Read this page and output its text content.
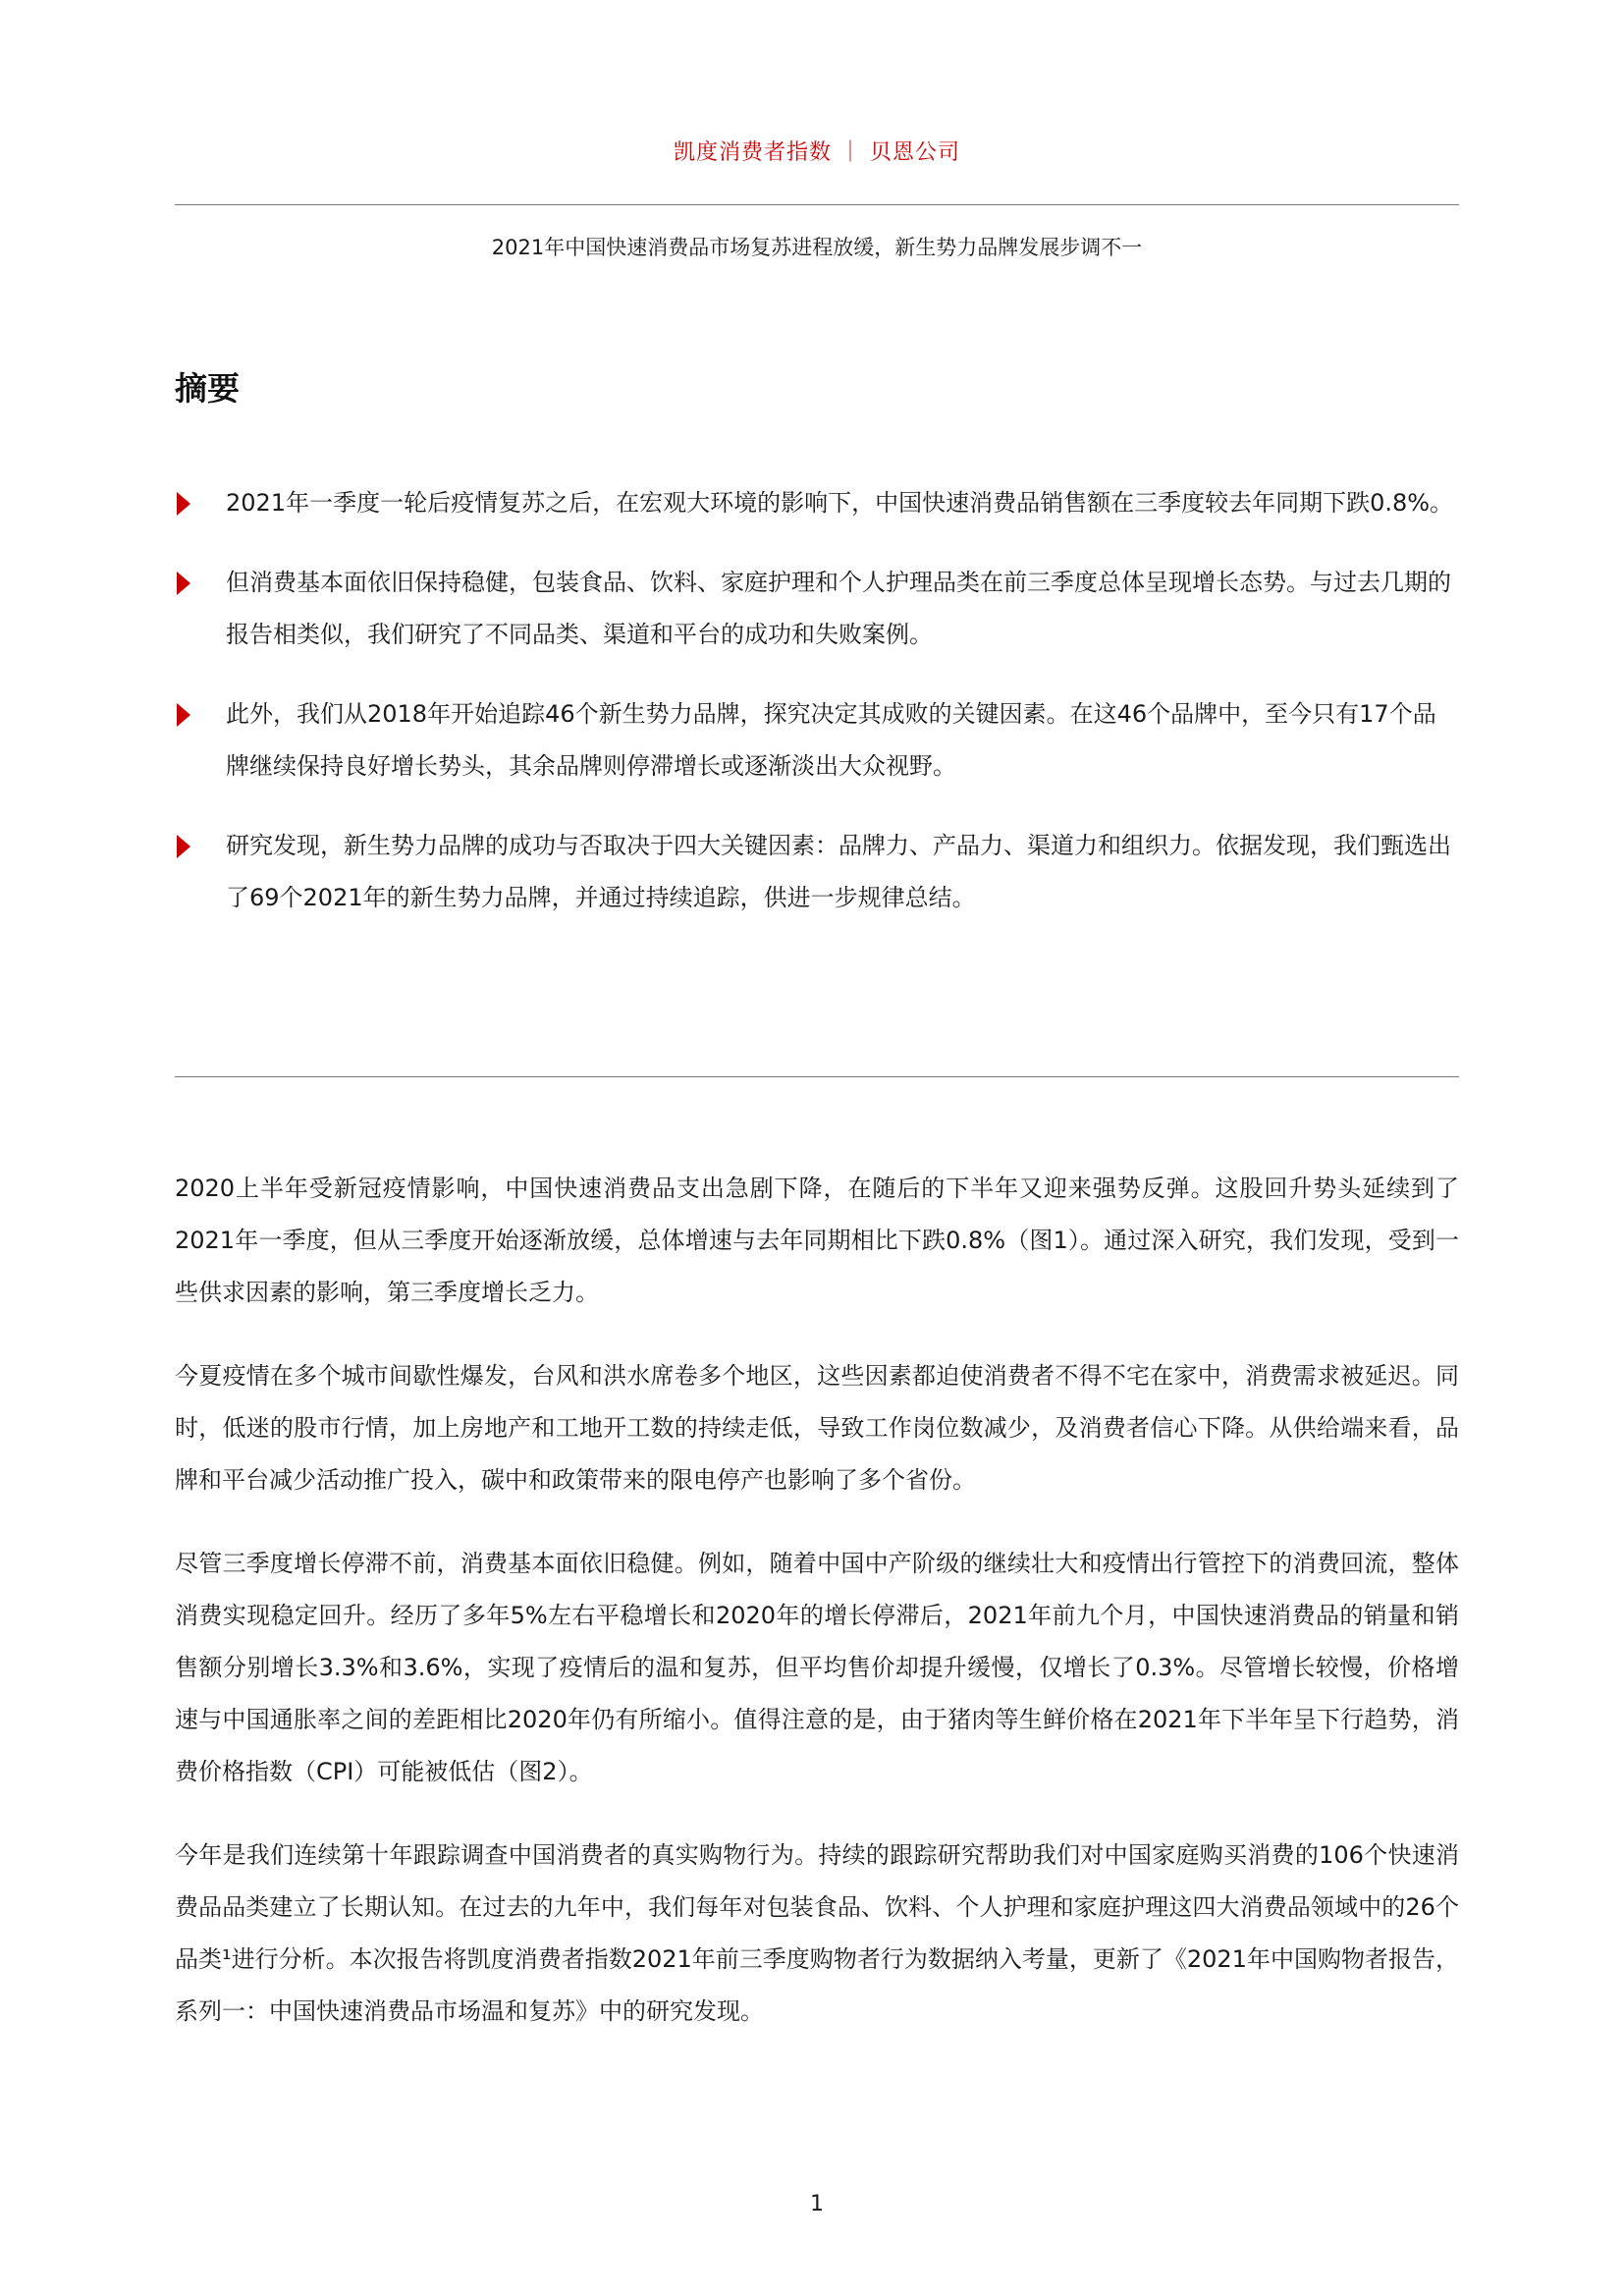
凯度消费者指数 ｜ 贝恩公司
2021年中国快速消费品市场复苏进程放缓，新生势力品牌发展步调不一
摘要
2021年一季度一轮后疫情复苏之后，在宏观大环境的影响下，中国快速消费品销售额在三季度较去年同期下跌0.8%。
但消费基本面依旧保持稳健，包装食品、饮料、家庭护理和个人护理品类在前三季度总体呈现增长态势。与过去几期的报告相类似，我们研究了不同品类、渠道和平台的成功和失败案例。
此外，我们从2018年开始追踪46个新生势力品牌，探究决定其成败的关键因素。在这46个品牌中，至今只有17个品牌继续保持良好增长势头，其余品牌则停滞增长或逐渐淡出大众视野。
研究发现，新生势力品牌的成功与否取决于四大关键因素：品牌力、产品力、渠道力和组织力。依据发现，我们甄选出了69个2021年的新生势力品牌，并通过持续追踪，供进一步规律总结。

2020上半年受新冠疫情影响，中国快速消费品支出急剧下降，在随后的下半年又迎来强势反弹。这股回升势头延续到了2021年一季度，但从三季度开始逐渐放缓，总体增速与去年同期相比下跌0.8%（图1）。通过深入研究，我们发现，受到一些供求因素的影响，第三季度增长乏力。

今夏疫情在多个城市间歇性爆发，台风和洪水席卷多个地区，这些因素都迫使消费者不得不宅在家中，消费需求被延迟。同时，低迷的股市行情，加上房地产和工地开工数的持续走低，导致工作岗位数减少，及消费者信心下降。从供给端来看，品牌和平台减少活动推广投入，碳中和政策带来的限电停产也影响了多个省份。

尽管三季度增长停滞不前，消费基本面依旧稳健。例如，随着中国中产阶级的继续壮大和疫情出行管控下的消费回流，整体消费实现稳定回升。经历了多年5%左右平稳增长和2020年的增长停滞后，2021年前九个月，中国快速消费品的销量和销售额分别增长3.3%和3.6%，实现了疫情后的温和复苏，但平均售价却提升缓慢，仅增长了0.3%。尽管增长较慢，价格增速与中国通胀率之间的差距相比2020年仍有所缩小。值得注意的是，由于猪肉等生鲜价格在2021年下半年呈下行趋势，消费价格指数（CPI）可能被低估（图2）。

今年是我们连续第十年跟踪调查中国消费者的真实购物行为。持续的跟踪研究帮助我们对中国家庭购买消费的106个快速消费品品类建立了长期认知。在过去的九年中，我们每年对包装食品、饮料、个人护理和家庭护理这四大消费品领域中的26个品类¹进行分析。本次报告将凯度消费者指数2021年前三季度购物者行为数据纳入考量，更新了《2021年中国购物者报告，系列一：中国快速消费品市场温和复苏》中的研究发现。

1
